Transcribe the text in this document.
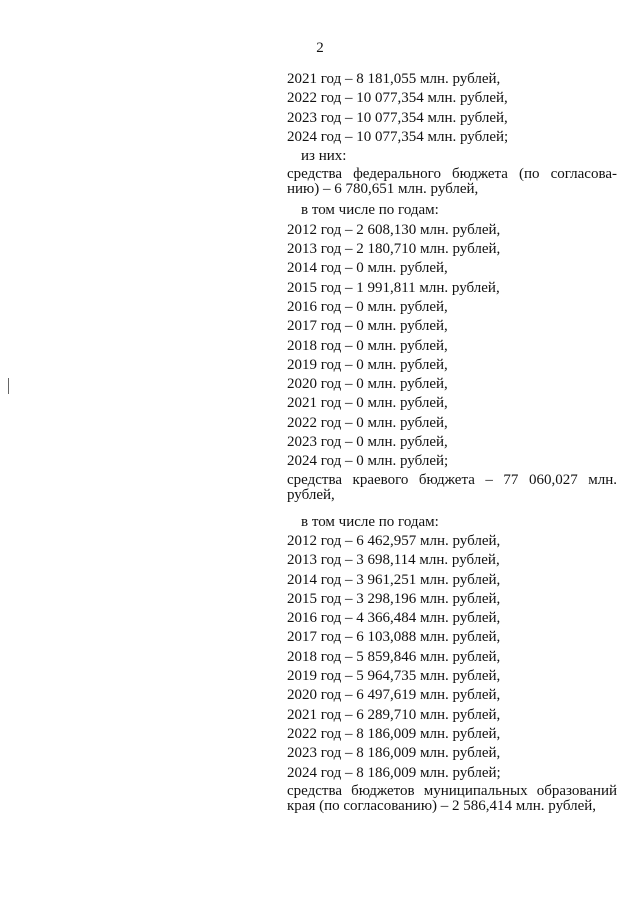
2
2021 год – 8 181,055 млн. рублей,
2022 год – 10 077,354 млн. рублей,
2023 год – 10 077,354 млн. рублей,
2024 год – 10 077,354 млн. рублей;
из них:
средства федерального бюджета (по согласова-
нию) – 6 780,651 млн. рублей,
в том числе по годам:
2012 год – 2 608,130 млн. рублей,
2013 год – 2 180,710 млн. рублей,
2014 год – 0 млн. рублей,
2015 год – 1 991,811 млн. рублей,
2016 год – 0 млн. рублей,
2017 год – 0 млн. рублей,
2018 год – 0 млн. рублей,
2019 год – 0 млн. рублей,
2020 год – 0 млн. рублей,
2021 год – 0 млн. рублей,
2022 год – 0 млн. рублей,
2023 год – 0 млн. рублей,
2024 год – 0 млн. рублей;
средства краевого бюджета – 77 060,027 млн.
рублей,
в том числе по годам:
2012 год – 6 462,957 млн. рублей,
2013 год – 3 698,114 млн. рублей,
2014 год – 3 961,251 млн. рублей,
2015 год – 3 298,196 млн. рублей,
2016 год – 4 366,484 млн. рублей,
2017 год – 6 103,088 млн. рублей,
2018 год – 5 859,846 млн. рублей,
2019 год – 5 964,735 млн. рублей,
2020 год – 6 497,619 млн. рублей,
2021 год – 6 289,710 млн. рублей,
2022 год – 8 186,009 млн. рублей,
2023 год – 8 186,009 млн. рублей,
2024 год – 8 186,009 млн. рублей;
средства бюджетов муниципальных образований
края (по согласованию) – 2 586,414 млн. рублей,
